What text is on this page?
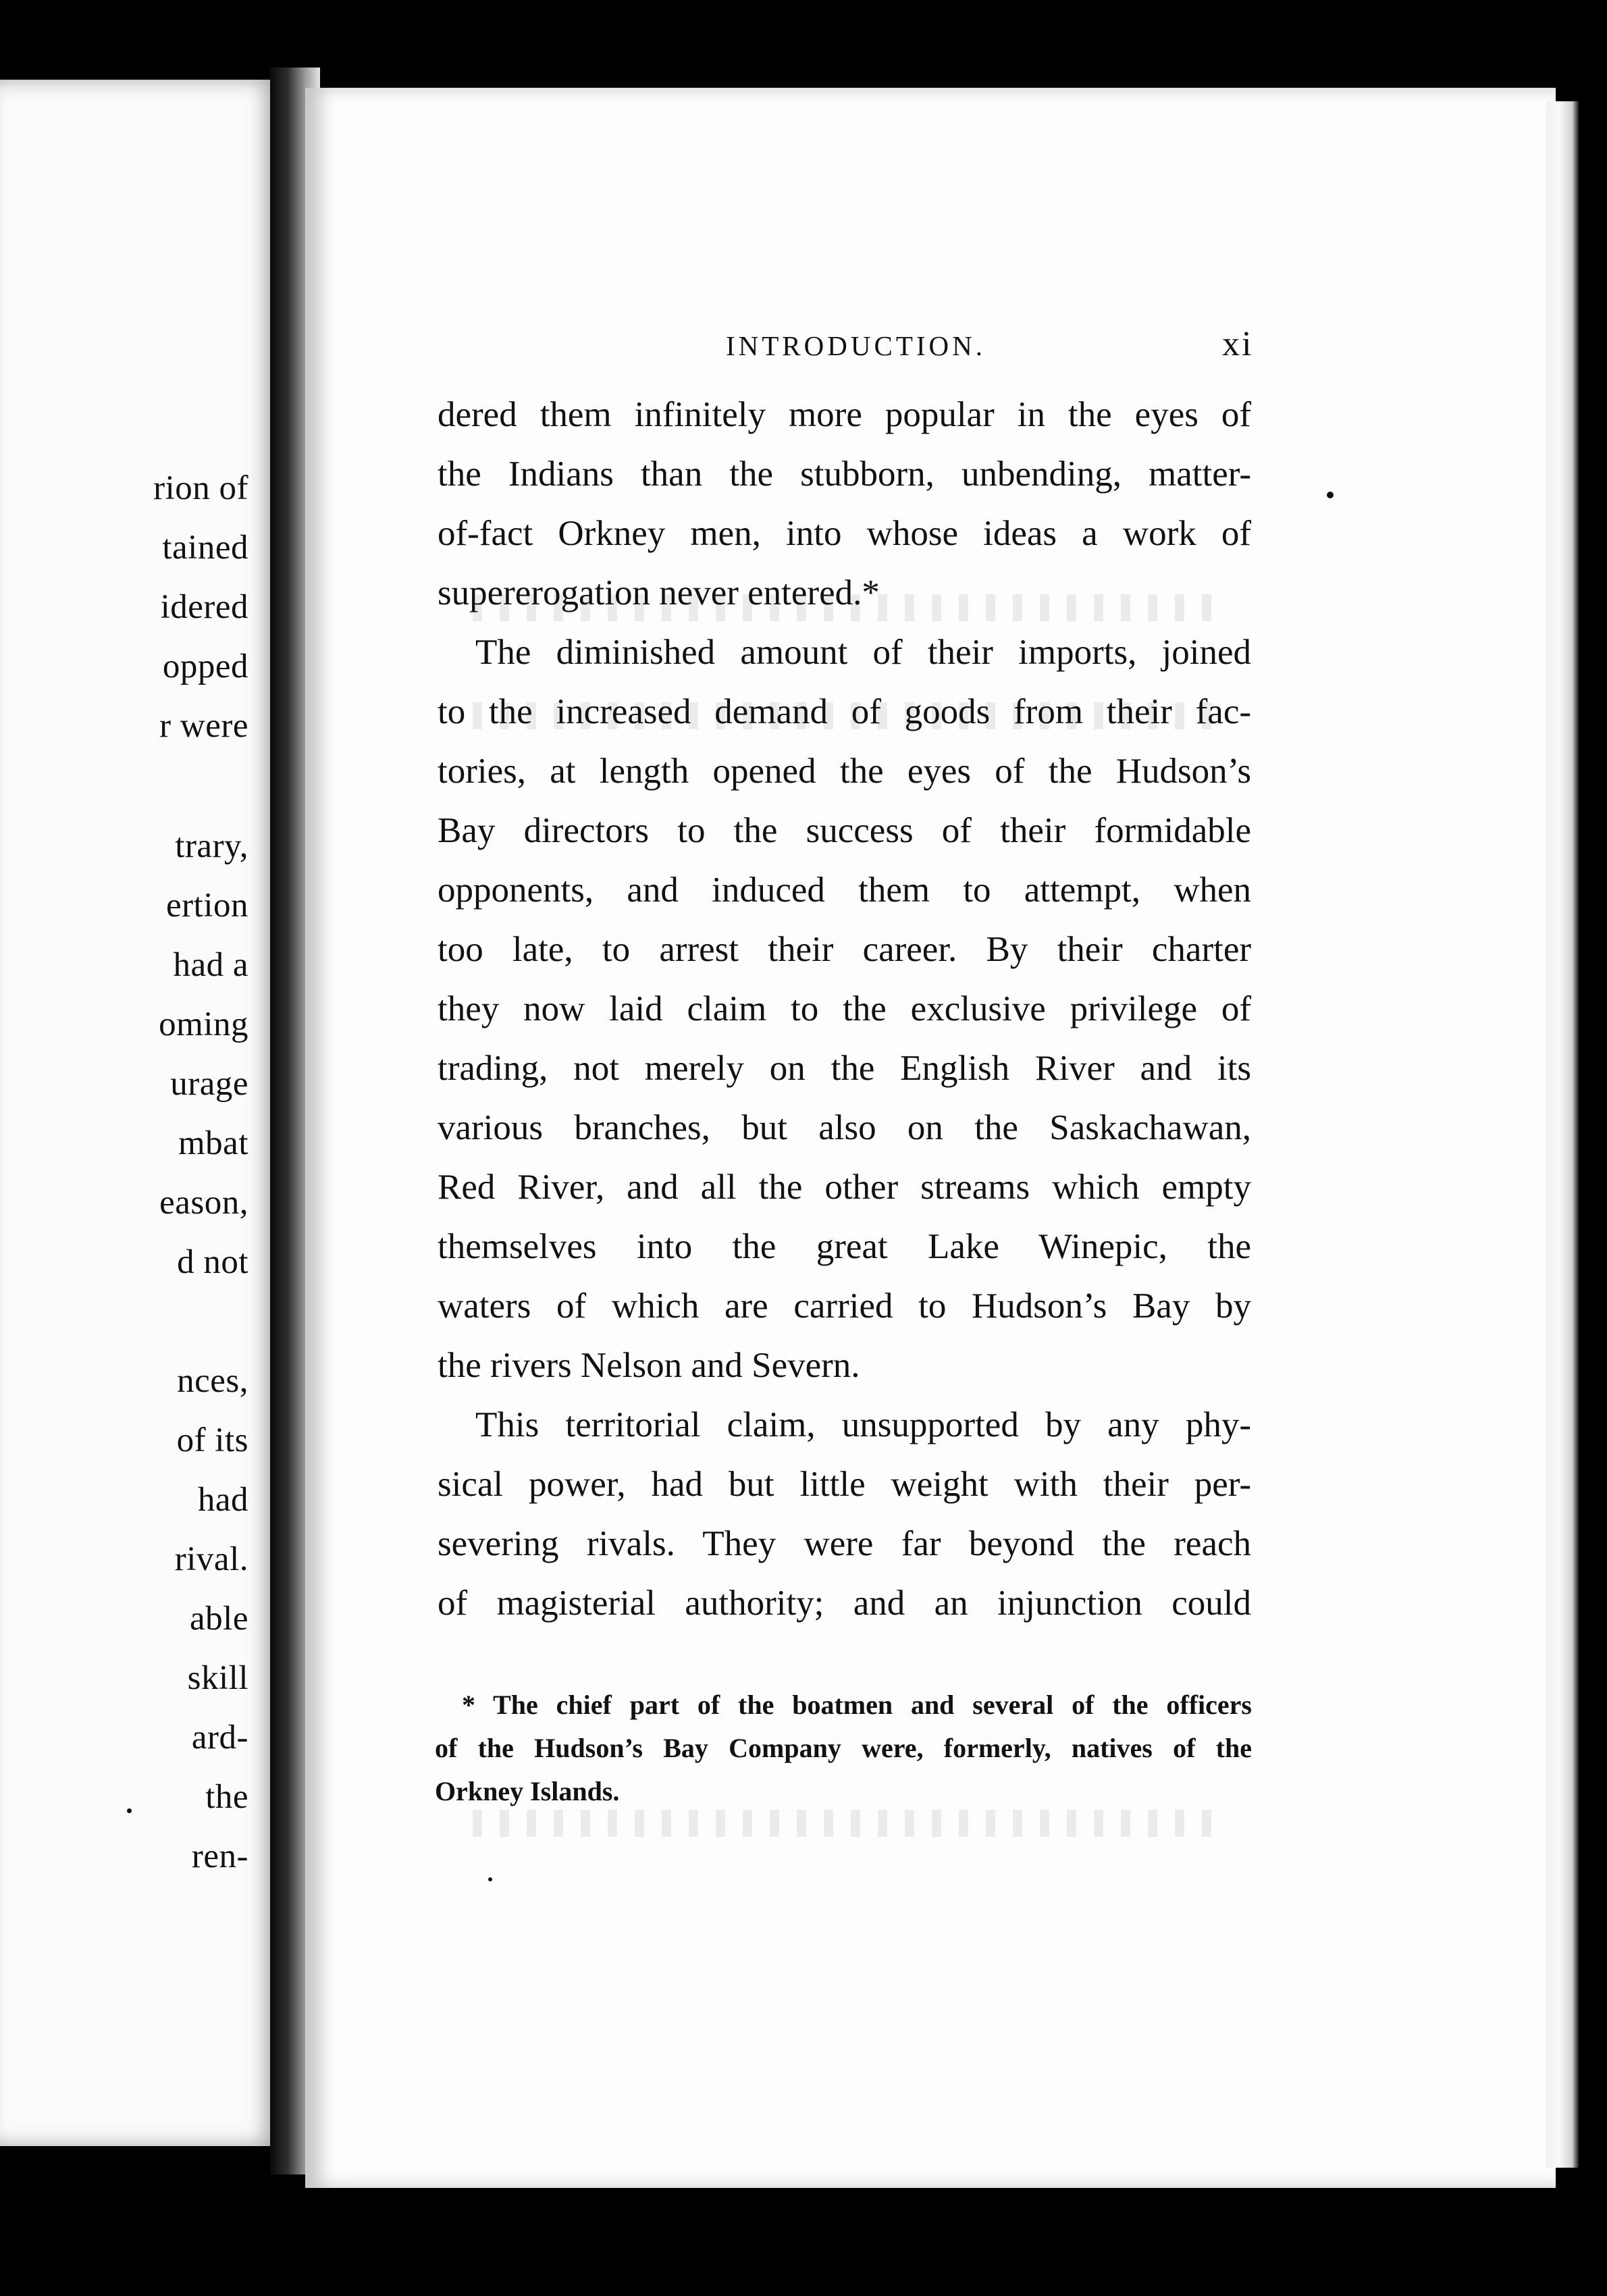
rion of
tained
idered
opped
r were
trary,
ertion
had a
oming
urage
mbat
eason,
d not
nces,
of its
had
rival.
able
skill
ard-
the
ren-
INTRODUCTION.	xi
dered them infinitely more popular in the eyes of
the Indians than the stubborn, unbending, matter-
of-fact Orkney men, into whose ideas a work of
supererogation never entered.*
The diminished amount of their imports, joined
to the increased demand of goods from their fac-
tories, at length opened the eyes of the Hudson’s
Bay directors to the success of their formidable
opponents, and induced them to attempt, when
too late, to arrest their career. By their charter
they now laid claim to the exclusive privilege of
trading, not merely on the English River and its
various branches, but also on the Saskachawan,
Red River, and all the other streams which empty
themselves into the great Lake Winepic, the
waters of which are carried to Hudson’s Bay by
the rivers Nelson and Severn.
This territorial claim, unsupported by any phy-
sical power, had but little weight with their per-
severing rivals. They were far beyond the reach
of magisterial authority; and an injunction could
* The chief part of the boatmen and several of the officers
of the Hudson’s Bay Company were, formerly, natives of the
Orkney Islands.
